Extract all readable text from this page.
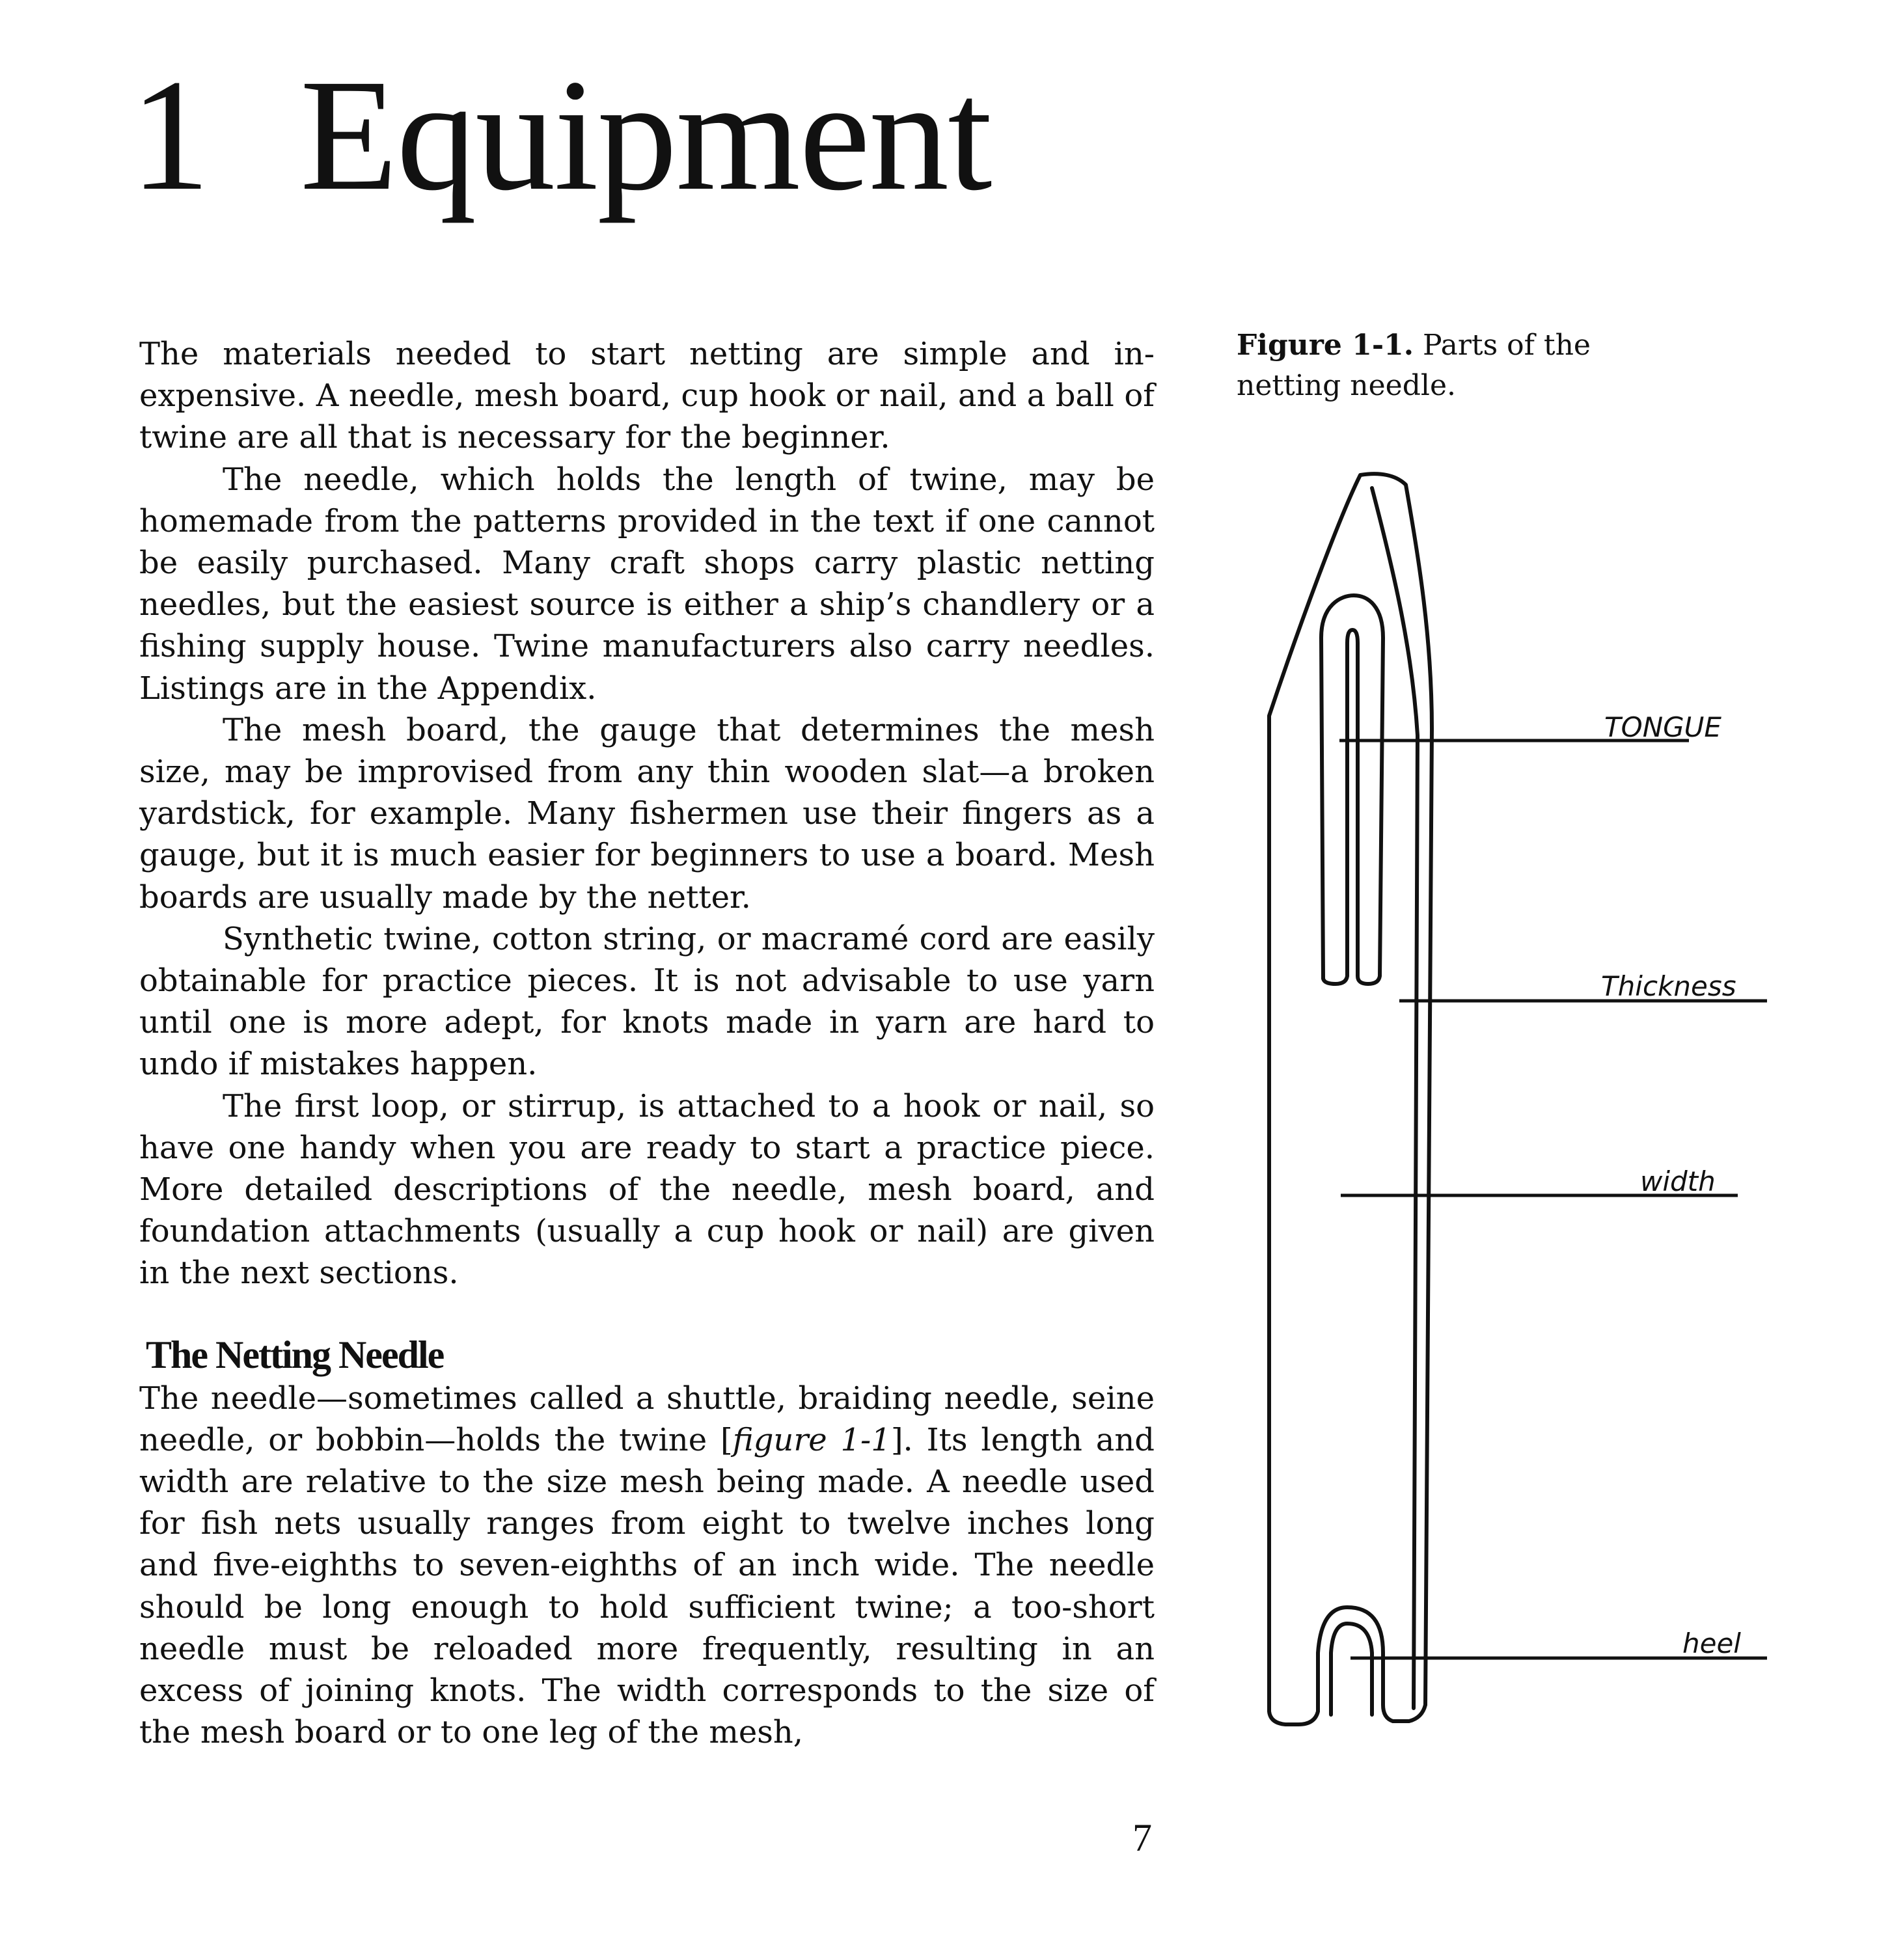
1 Equipment

The materials needed to start netting are simple and inexpensive. A needle, mesh board, cup hook or nail, and a ball of twine are all that is necessary for the beginner.

The needle, which holds the length of twine, may be homemade from the patterns provided in the text if one cannot be easily purchased. Many craft shops carry plastic netting needles, but the easiest source is either a ship’s chandlery or a fishing supply house. Twine manufacturers also carry needles. Listings are in the Appendix.

The mesh board, the gauge that determines the mesh size, may be improvised from any thin wooden slat—a broken yardstick, for example. Many fishermen use their fingers as a gauge, but it is much easier for beginners to use a board. Mesh boards are usually made by the netter.

Synthetic twine, cotton string, or macramé cord are easily obtainable for practice pieces. It is not advisable to use yarn until one is more adept, for knots made in yarn are hard to undo if mistakes happen.

The first loop, or stirrup, is attached to a hook or nail, so have one handy when you are ready to start a practice piece. More detailed descriptions of the needle, mesh board, and foundation attachments (usually a cup hook or nail) are given in the next sections.

The Netting Needle

The needle—sometimes called a shuttle, braiding needle, seine needle, or bobbin—holds the twine [figure 1-1]. Its length and width are relative to the size mesh being made. A needle used for fish nets usually ranges from eight to twelve inches long and five-eighths to seven-eighths of an inch wide. The needle should be long enough to hold sufficient twine; a too-short needle must be reloaded more frequently, resulting in an excess of joining knots. The width corresponds to the size of the mesh board or to one leg of the mesh,

Figure 1-1. Parts of the netting needle.
TONGUE
Thickness
width
heel
7
